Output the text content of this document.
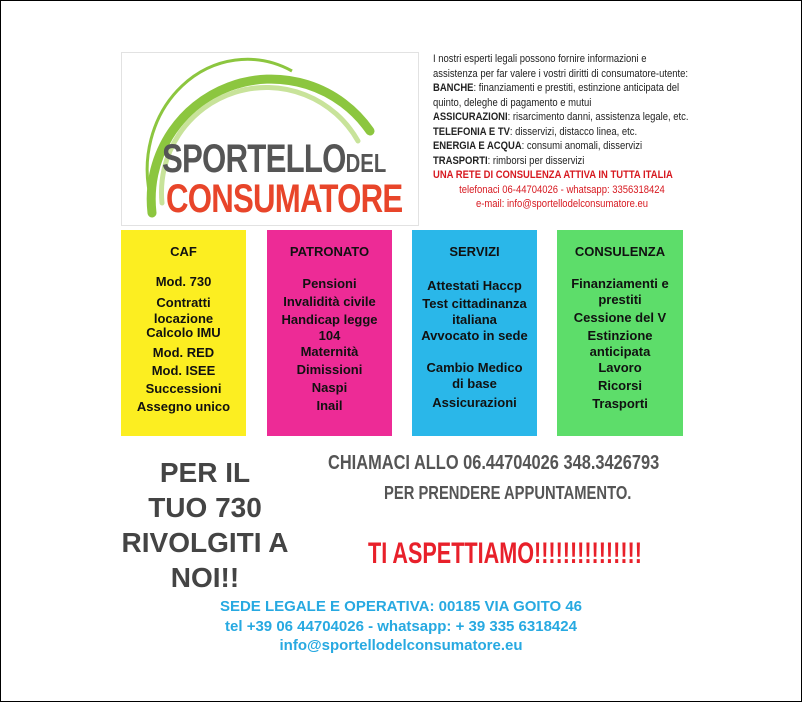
SPORTELLODEL
CONSUMATORE
I nostri esperti legali possono fornire informazioni e assistenza per far valere i vostri diritti di consumatore-utente:
BANCHE: finanziamenti e prestiti, estinzione anticipata del quinto, deleghe di pagamento e mutui
ASSICURAZIONI: risarcimento danni, assistenza legale, etc.
TELEFONIA E TV: disservizi, distacco linea, etc.
ENERGIA E ACQUA: consumi anomali, disservizi
TRASPORTI: rimborsi per disservizi
UNA RETE DI CONSULENZA ATTIVA IN TUTTA ITALIA
telefonaci 06-44704026 - whatsapp: 3356318424
e-mail: info@sportellodelconsumatore.eu
CAF
Mod. 730
Contratti locazione
Calcolo IMU
Mod. RED
Mod. ISEE
Successioni
Assegno unico
PATRONATO
Pensioni
Invalidità civile
Handicap legge 104
Maternità
Dimissioni
Naspi
Inail
SERVIZI
Attestati Haccp
Test cittadinanza italiana
Avvocato in sede
Cambio Medico di base
Assicurazioni
CONSULENZA
Finanziamenti e prestiti
Cessione del V
Estinzione anticipata
Lavoro
Ricorsi
Trasporti
PER IL
TUO 730
RIVOLGITI A
NOI!!
CHIAMACI ALLO 06.44704026 348.3426793
PER PRENDERE APPUNTAMENTO.
TI ASPETTIAMO!!!!!!!!!!!!!!!
SEDE LEGALE E OPERATIVA: 00185 VIA GOITO 46
tel +39 06 44704026 - whatsapp: + 39 335 6318424
info@sportellodelconsumatore.eu
